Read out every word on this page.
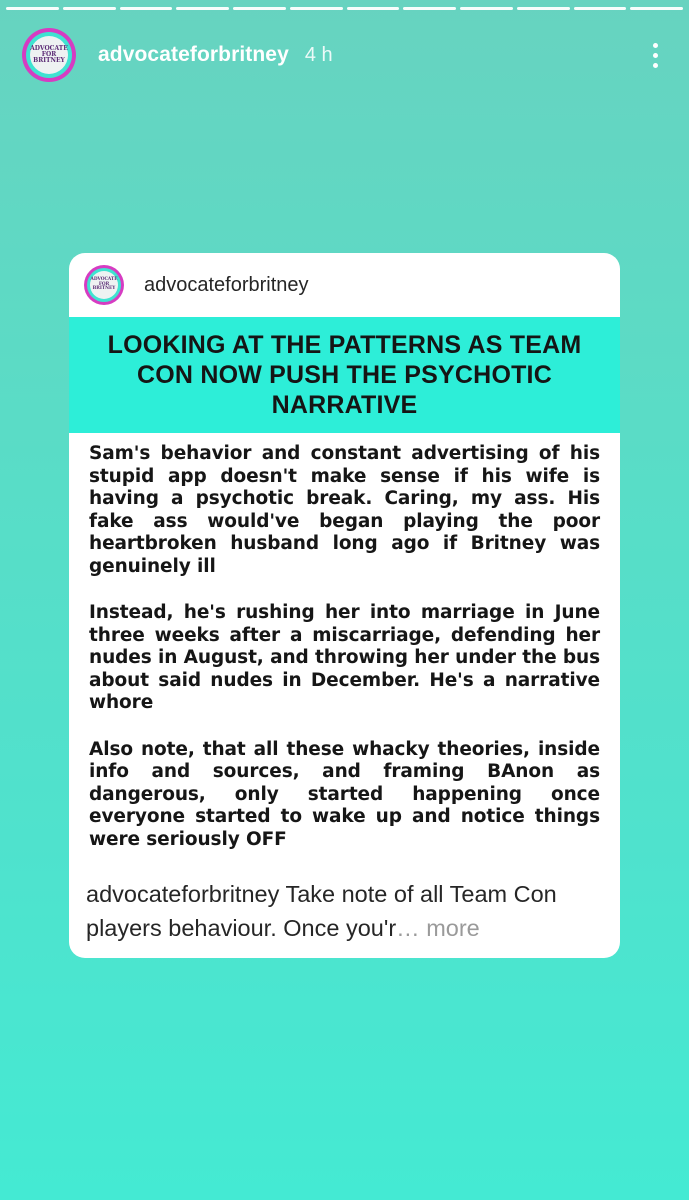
ADVOCATE
FOR
BRITNEY advocateforbritney 4 h
ADVOCATE
FOR
BRITNEY advocateforbritney
LOOKING AT THE PATTERNS AS TEAM CON NOW PUSH THE PSYCHOTIC NARRATIVE

Sam's behavior and constant advertising of his stupid app doesn't make sense if his wife is having a psychotic break. Caring, my ass. His fake ass would've began playing the poor heartbroken husband long ago if Britney was genuinely ill

Instead, he's rushing her into marriage in June three weeks after a miscarriage, defending her nudes in August, and throwing her under the bus about said nudes in December. He's a narrative whore

Also note, that all these whacky theories, inside info and sources, and framing BAnon as dangerous, only started happening once everyone started to wake up and notice things were seriously OFF

advocateforbritney Take note of all Team Con players behaviour. Once you'r… more
